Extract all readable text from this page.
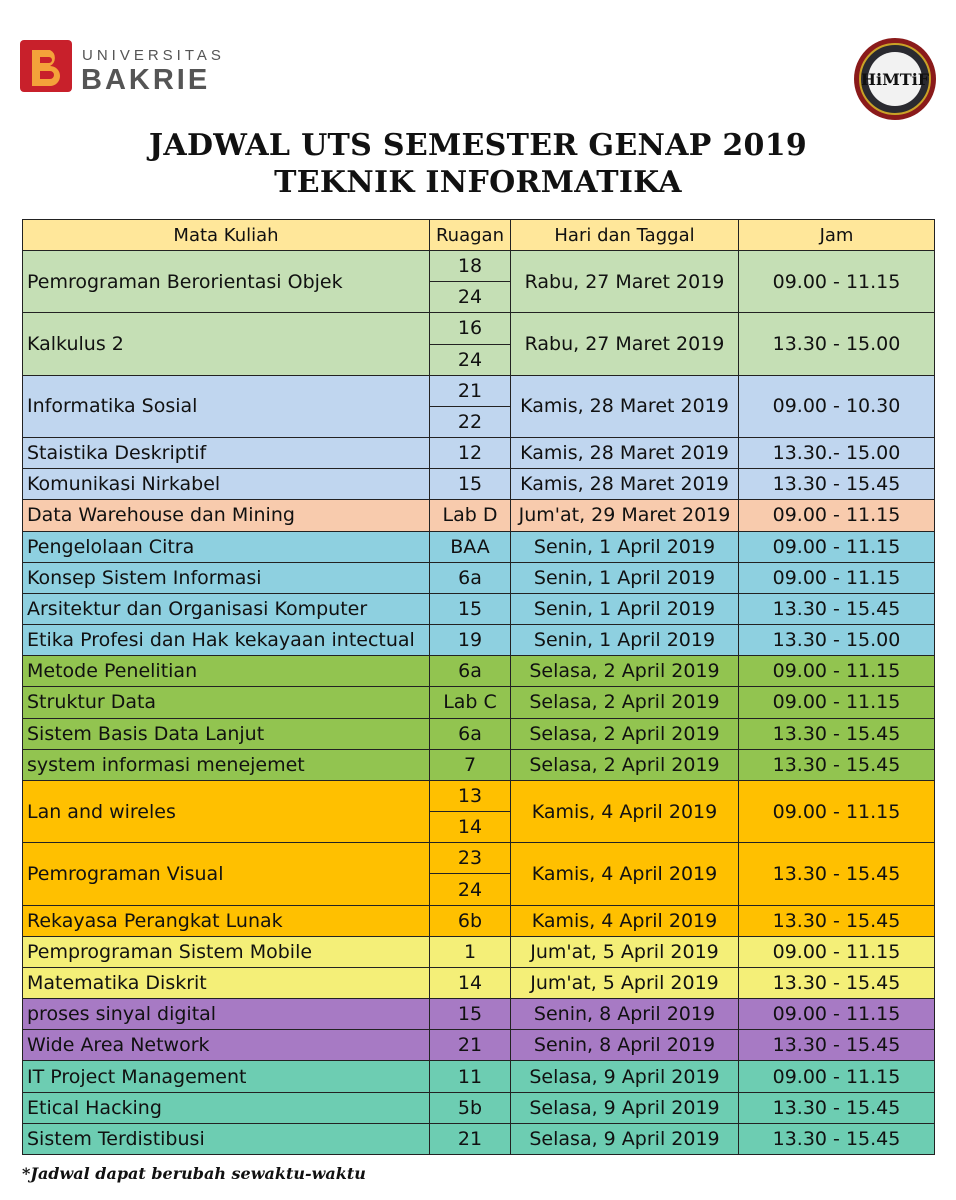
UNIVERSITAS
BAKRIE	HiMTiF
JADWAL UTS SEMESTER GENAP 2019
TEKNIK INFORMATIKA
Mata Kuliah	Ruagan	Hari dan Taggal	Jam
Pemrograman Berorientasi Objek	18	Rabu, 27 Maret 2019	09.00 - 11.15
	24		
Kalkulus 2	16	Rabu, 27 Maret 2019	13.30 - 15.00
	24		
Informatika Sosial	21	Kamis, 28 Maret 2019	09.00 - 10.30
	22		
Staistika Deskriptif	12	Kamis, 28 Maret 2019	13.30.- 15.00
Komunikasi Nirkabel	15	Kamis, 28 Maret 2019	13.30 - 15.45
Data Warehouse dan Mining	Lab D	Jum'at, 29 Maret 2019	09.00 - 11.15
Pengelolaan Citra	BAA	Senin, 1 April 2019	09.00 - 11.15
Konsep Sistem Informasi	6a	Senin, 1 April 2019	09.00 - 11.15
Arsitektur dan Organisasi Komputer	15	Senin, 1 April 2019	13.30 - 15.45
Etika Profesi dan Hak kekayaan intectual	19	Senin, 1 April 2019	13.30 - 15.00
Metode Penelitian	6a	Selasa, 2 April 2019	09.00 - 11.15
Struktur Data	Lab C	Selasa, 2 April 2019	09.00 - 11.15
Sistem Basis Data Lanjut	6a	Selasa, 2 April 2019	13.30 - 15.45
system informasi menejemet	7	Selasa, 2 April 2019	13.30 - 15.45
Lan and wireles	13	Kamis, 4 April 2019	09.00 - 11.15
	14		
Pemrograman Visual	23	Kamis, 4 April 2019	13.30 - 15.45
	24		
Rekayasa Perangkat Lunak	6b	Kamis, 4 April 2019	13.30 - 15.45
Pemprograman Sistem Mobile	1	Jum'at, 5 April 2019	09.00 - 11.15
Matematika Diskrit	14	Jum'at, 5 April 2019	13.30 - 15.45
proses sinyal digital	15	Senin, 8 April 2019	09.00 - 11.15
Wide Area Network	21	Senin, 8 April 2019	13.30 - 15.45
IT Project Management	11	Selasa, 9 April 2019	09.00 - 11.15
Etical Hacking	5b	Selasa, 9 April 2019	13.30 - 15.45
Sistem Terdistibusi	21	Selasa, 9 April 2019	13.30 - 15.45
*Jadwal dapat berubah sewaktu-waktu
